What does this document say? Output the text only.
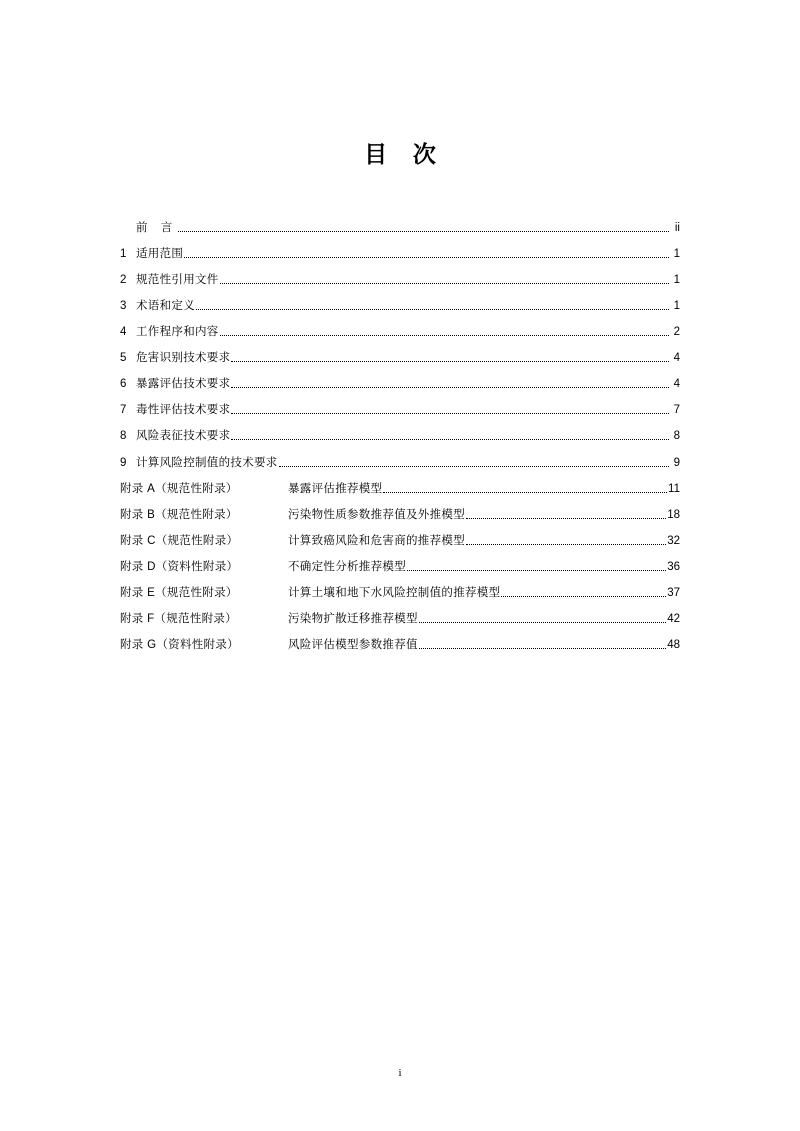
目 次
前 言	ii
1 适用范围	1
2 规范性引用文件	1
3 术语和定义	1
4 工作程序和内容	2
5 危害识别技术要求	4
6 暴露评估技术要求	4
7 毒性评估技术要求	7
8 风险表征技术要求	8
9 计算风险控制值的技术要求	9
附录 A（规范性附录）	暴露评估推荐模型	11
附录 B（规范性附录）	污染物性质参数推荐值及外推模型	18
附录 C（规范性附录）	计算致癌风险和危害商的推荐模型	32
附录 D（资料性附录）	不确定性分析推荐模型	36
附录 E（规范性附录）	计算土壤和地下水风险控制值的推荐模型	37
附录 F（规范性附录）	污染物扩散迁移推荐模型	42
附录 G（资料性附录）	风险评估模型参数推荐值	48
i
